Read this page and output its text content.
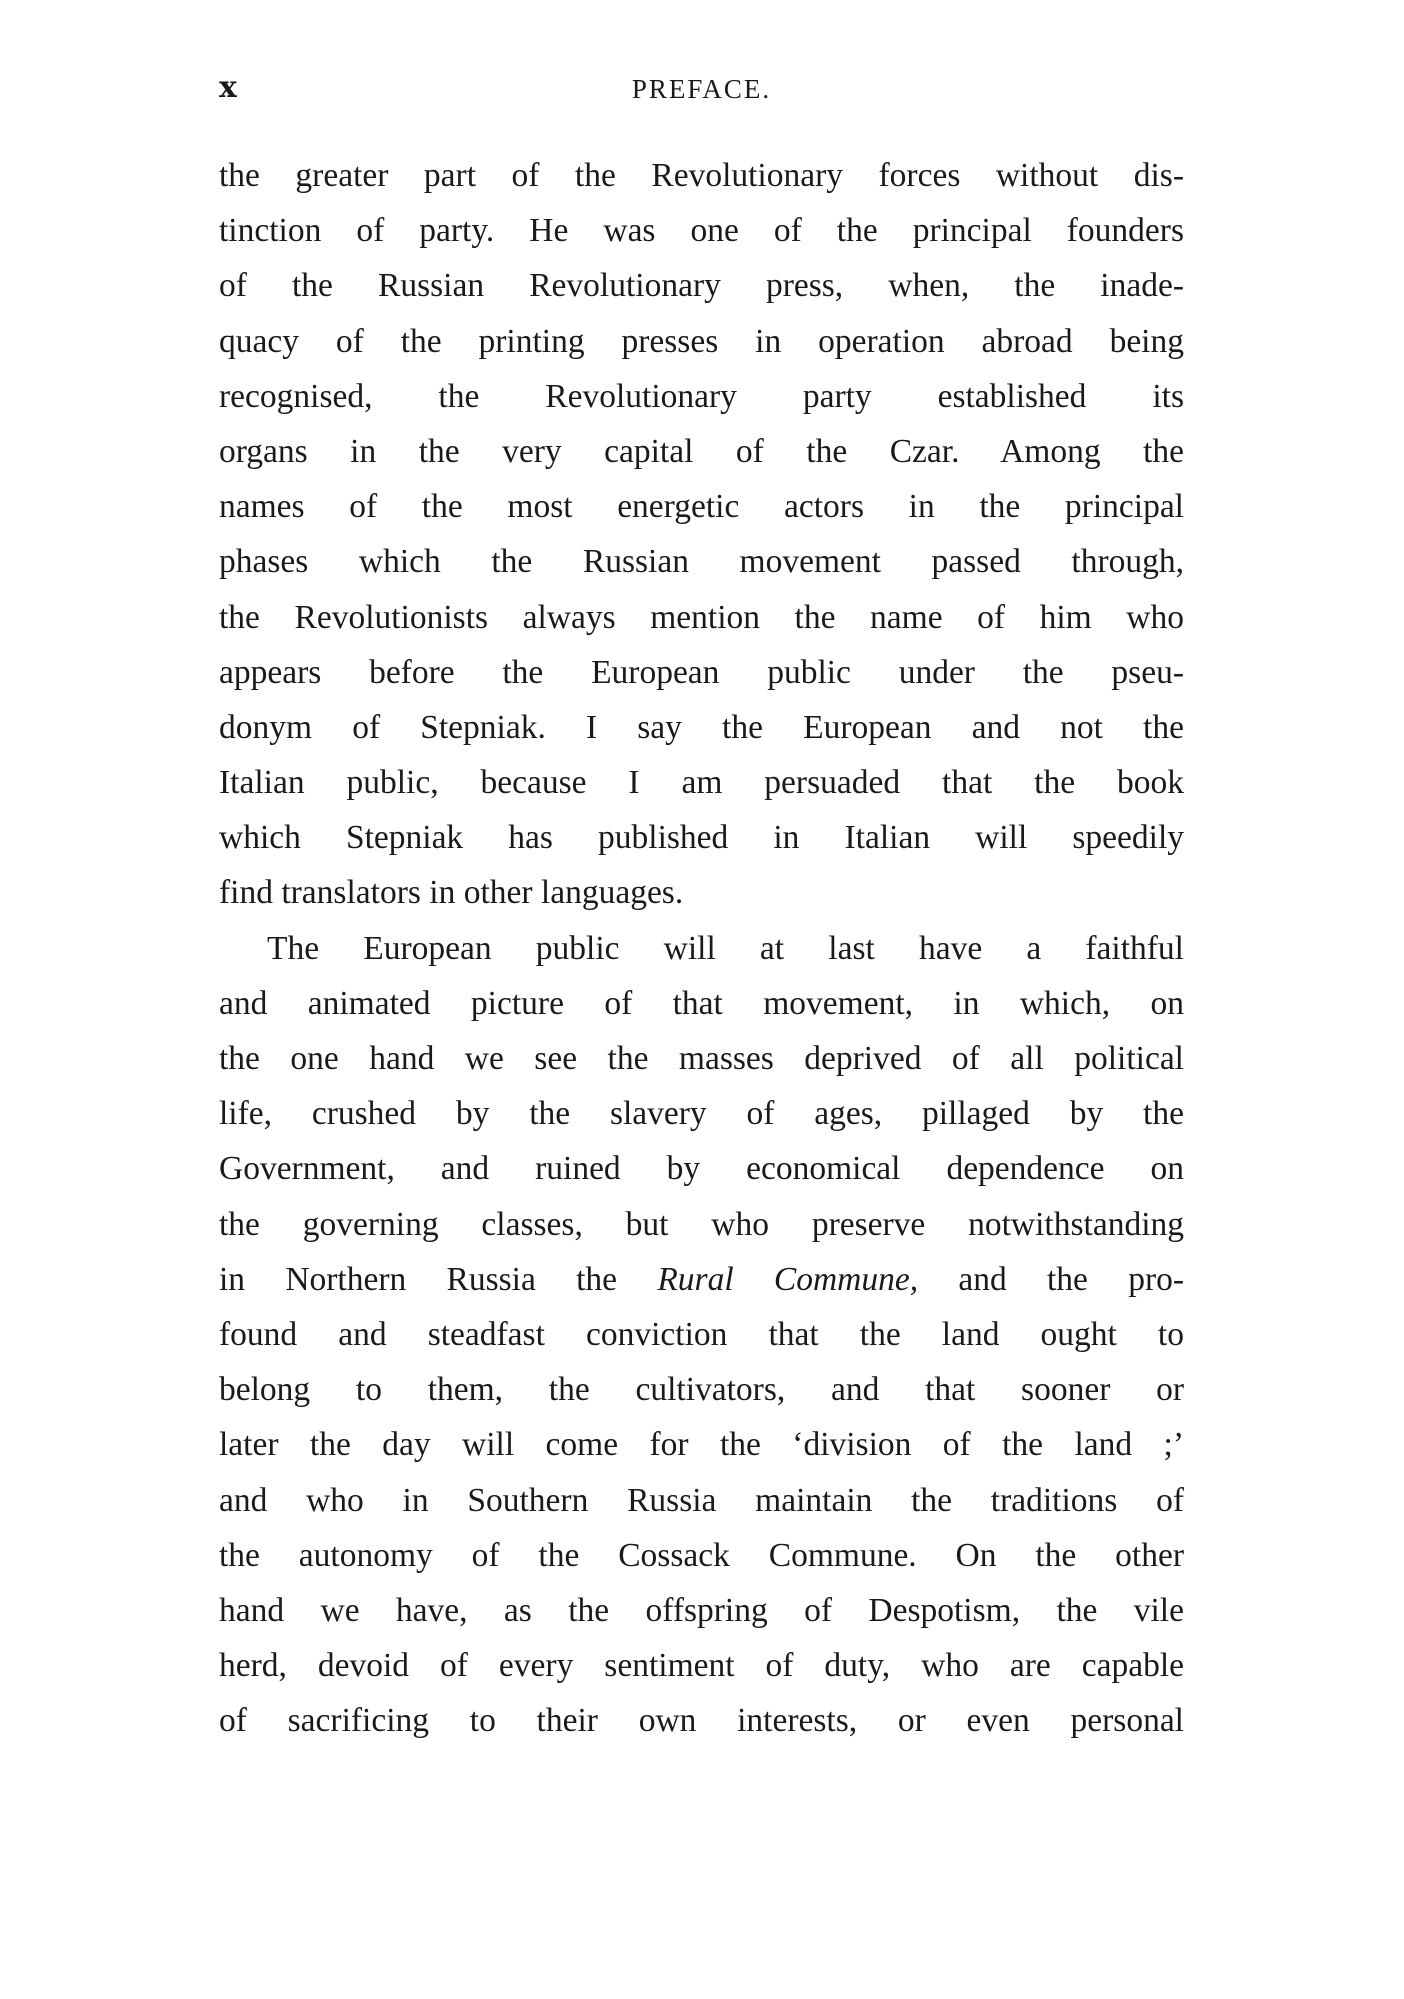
x	PREFACE.
the greater part of the Revolutionary forces without dis-
tinction of party. He was one of the principal founders
of the Russian Revolutionary press, when, the inade-
quacy of the printing presses in operation abroad being
recognised, the Revolutionary party established its
organs in the very capital of the Czar. Among the
names of the most energetic actors in the principal
phases which the Russian movement passed through,
the Revolutionists always mention the name of him who
appears before the European public under the pseu-
donym of Stepniak. I say the European and not the
Italian public, because I am persuaded that the book
which Stepniak has published in Italian will speedily
find translators in other languages.
The European public will at last have a faithful
and animated picture of that movement, in which, on
the one hand we see the masses deprived of all political
life, crushed by the slavery of ages, pillaged by the
Government, and ruined by economical dependence on
the governing classes, but who preserve notwithstanding
in Northern Russia the Rural Commune, and the pro-
found and steadfast conviction that the land ought to
belong to them, the cultivators, and that sooner or
later the day will come for the ‘division of the land ;’
and who in Southern Russia maintain the traditions of
the autonomy of the Cossack Commune. On the other
hand we have, as the offspring of Despotism, the vile
herd, devoid of every sentiment of duty, who are capable
of sacrificing to their own interests, or even personal
